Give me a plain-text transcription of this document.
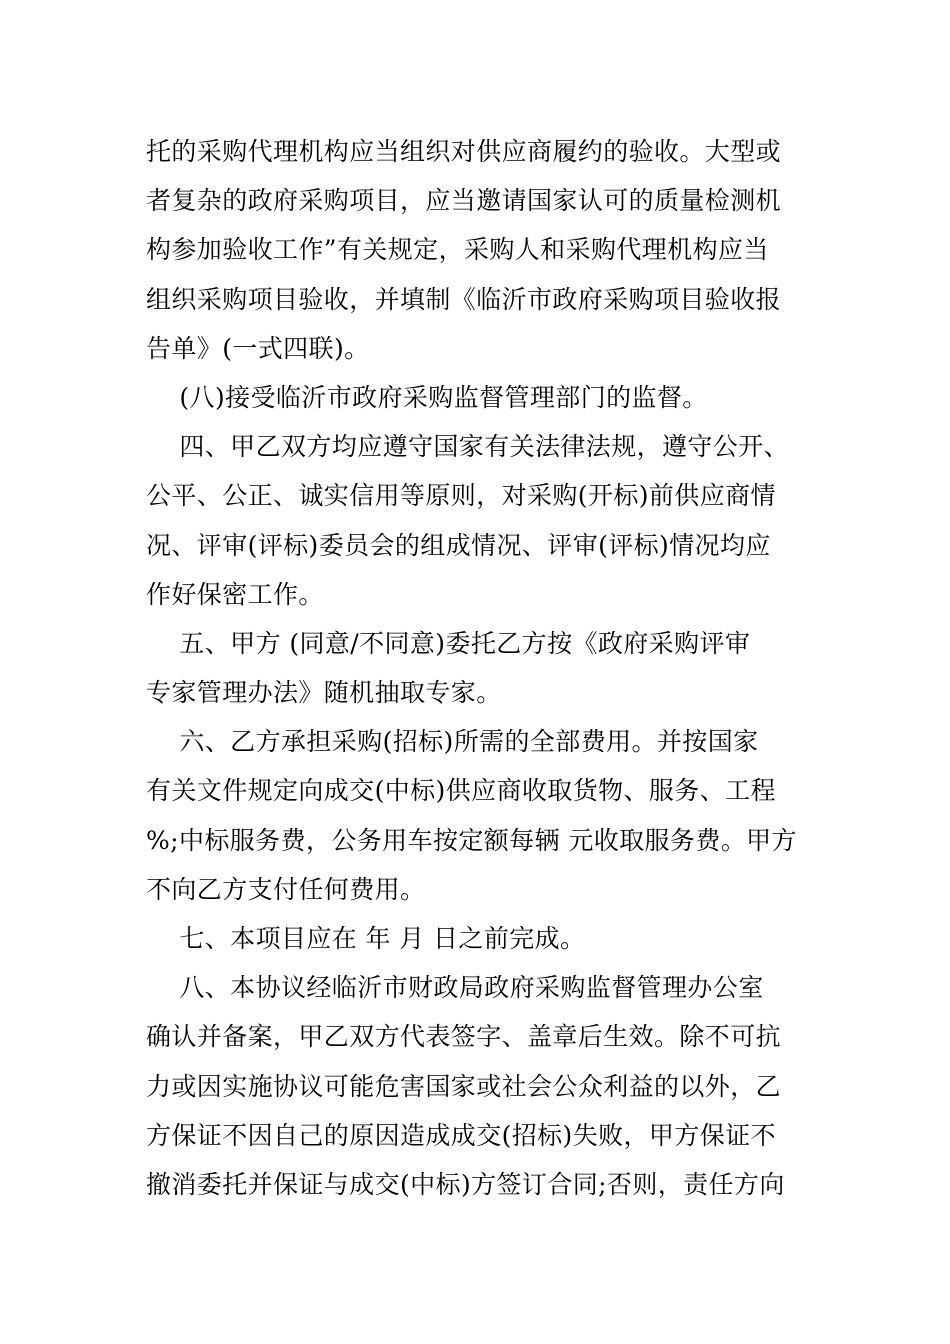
托的采购代理机构应当组织对供应商履约的验收。大型或
者复杂的政府采购项目，应当邀请国家认可的质量检测机
构参加验收工作”有关规定，采购人和采购代理机构应当
组织采购项目验收，并填制《临沂市政府采购项目验收报
告单》(一式四联)。
(八)接受临沂市政府采购监督管理部门的监督。
四、甲乙双方均应遵守国家有关法律法规，遵守公开、
公平、公正、诚实信用等原则，对采购(开标)前供应商情
况、评审(评标)委员会的组成情况、评审(评标)情况均应
作好保密工作。
五、甲方 (同意/不同意)委托乙方按《政府采购评审
专家管理办法》随机抽取专家。
六、乙方承担采购(招标)所需的全部费用。并按国家
有关文件规定向成交(中标)供应商收取货物、服务、工程
%;中标服务费，公务用车按定额每辆 元收取服务费。甲方
不向乙方支付任何费用。
七、本项目应在 年 月 日之前完成。
八、本协议经临沂市财政局政府采购监督管理办公室
确认并备案，甲乙双方代表签字、盖章后生效。除不可抗
力或因实施协议可能危害国家或社会公众利益的以外，乙
方保证不因自己的原因造成成交(招标)失败，甲方保证不
撤消委托并保证与成交(中标)方签订合同;否则，责任方向
